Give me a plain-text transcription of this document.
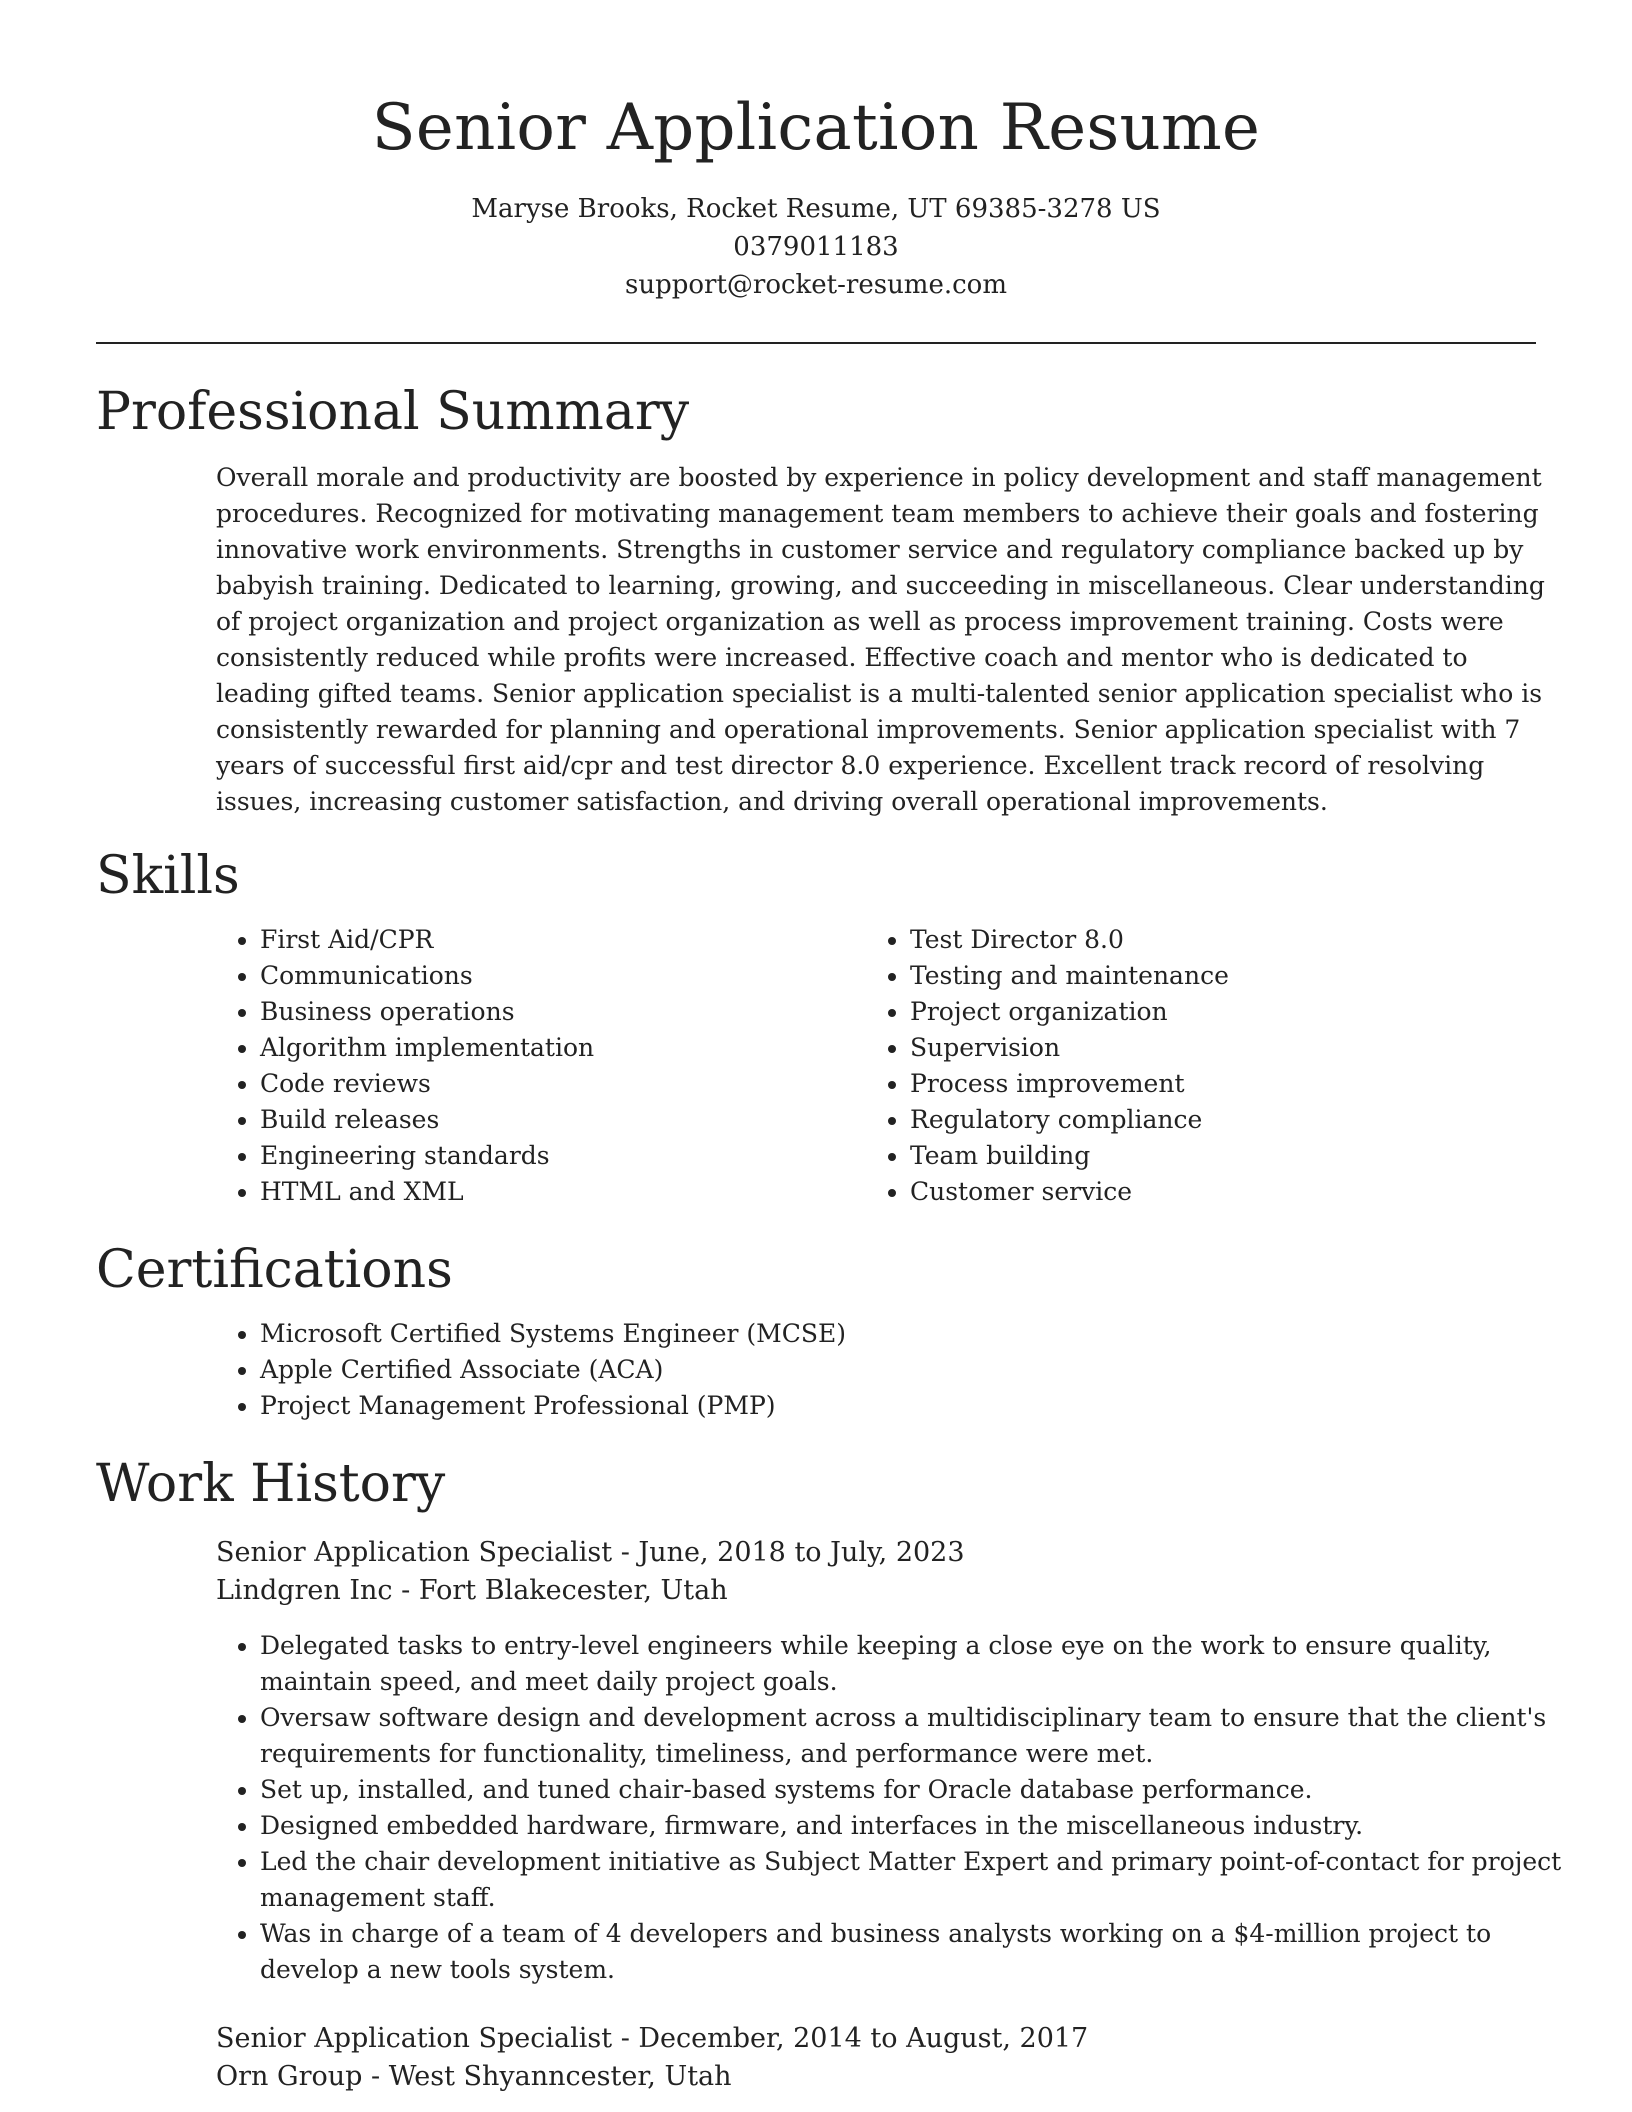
Senior Application Resume
Maryse Brooks, Rocket Resume, UT 69385-3278 US
0379011183
support@rocket-resume.com
Professional Summary
Overall morale and productivity are boosted by experience in policy development and staff management procedures. Recognized for motivating management team members to achieve their goals and fostering innovative work environments. Strengths in customer service and regulatory compliance backed up by babyish training. Dedicated to learning, growing, and succeeding in miscellaneous. Clear understanding of project organization and project organization as well as process improvement training. Costs were consistently reduced while profits were increased. Effective coach and mentor who is dedicated to leading gifted teams. Senior application specialist is a multi-talented senior application specialist who is consistently rewarded for planning and operational improvements. Senior application specialist with 7 years of successful first aid/cpr and test director 8.0 experience. Excellent track record of resolving issues, increasing customer satisfaction, and driving overall operational improvements.
Skills
• First Aid/CPR
• Communications
• Business operations
• Algorithm implementation
• Code reviews
• Build releases
• Engineering standards
• HTML and XML
• Test Director 8.0
• Testing and maintenance
• Project organization
• Supervision
• Process improvement
• Regulatory compliance
• Team building
• Customer service
Certifications
• Microsoft Certified Systems Engineer (MCSE)
• Apple Certified Associate (ACA)
• Project Management Professional (PMP)
Work History
Senior Application Specialist - June, 2018 to July, 2023
Lindgren Inc - Fort Blakecester, Utah
• Delegated tasks to entry-level engineers while keeping a close eye on the work to ensure quality, maintain speed, and meet daily project goals.
• Oversaw software design and development across a multidisciplinary team to ensure that the client's requirements for functionality, timeliness, and performance were met.
• Set up, installed, and tuned chair-based systems for Oracle database performance.
• Designed embedded hardware, firmware, and interfaces in the miscellaneous industry.
• Led the chair development initiative as Subject Matter Expert and primary point-of-contact for project management staff.
• Was in charge of a team of 4 developers and business analysts working on a $4-million project to develop a new tools system.
Senior Application Specialist - December, 2014 to August, 2017
Orn Group - West Shyanncester, Utah
